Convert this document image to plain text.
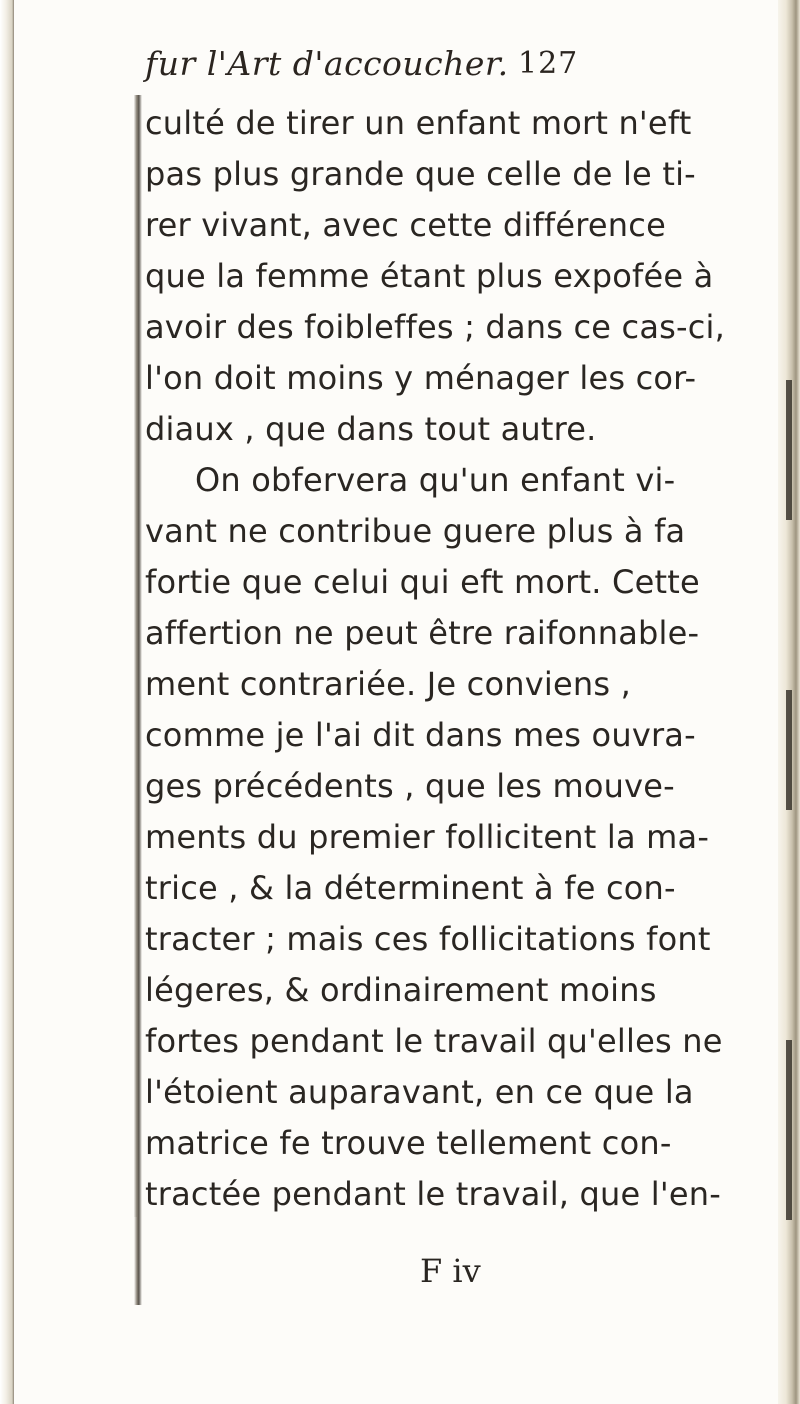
fur l'Art d'accoucher. 127
culté de tirer un enfant mort n'eft
pas plus grande que celle de le ti-
rer vivant, avec cette différence
que la femme étant plus expofée à
avoir des foibleffes ; dans ce cas-ci,
l'on doit moins y ménager les cor-
diaux , que dans tout autre.
On obfervera qu'un enfant vi-
vant ne contribue guere plus à fa
fortie que celui qui eft mort. Cette
affertion ne peut être raifonnable-
ment contrariée. Je conviens ,
comme je l'ai dit dans mes ouvra-
ges précédents , que les mouve-
ments du premier follicitent la ma-
trice , & la déterminent à fe con-
tracter ; mais ces follicitations font
légeres, & ordinairement moins
fortes pendant le travail qu'elles ne
l'étoient auparavant, en ce que la
matrice fe trouve tellement con-
tractée pendant le travail, que l'en-
F iv
